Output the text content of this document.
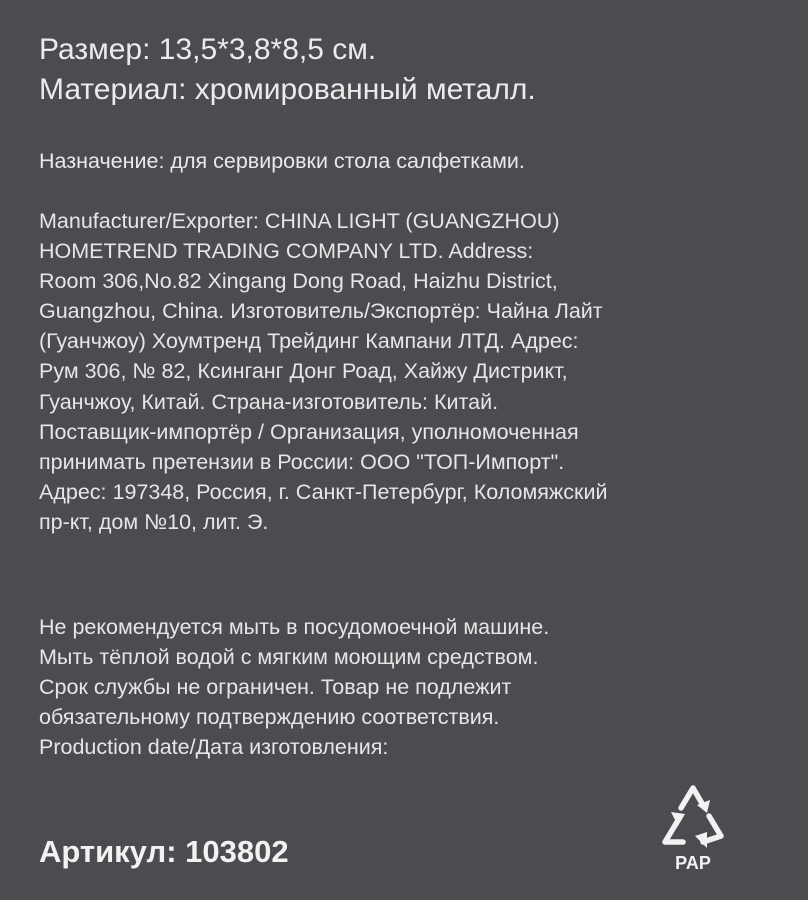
Размер: 13,5*3,8*8,5 см.
Материал: хромированный металл.
Назначение: для сервировки стола салфетками.
Manufacturer/Exporter: CHINA LIGHT (GUANGZHOU)
HOMETREND TRADING COMPANY LTD. Address:
Room 306,No.82 Xingang Dong Road, Haizhu District,
Guangzhou, China. Изготовитель/Экспортёр: Чайна Лайт
(Гуанчжоу) Хоумтренд Трейдинг Кампани ЛТД. Адрес:
Рум 306, № 82, Ксинганг Донг Роад, Хайжу Дистрикт,
Гуанчжоу, Китай. Страна-изготовитель: Китай.
Поставщик-импортёр / Организация, уполномоченная
принимать претензии в России: ООО "ТОП-Импорт".
Адрес: 197348, Россия, г. Санкт-Петербург, Коломяжский
пр-кт, дом №10, лит. Э.
Не рекомендуется мыть в посудомоечной машине.
Мыть тёплой водой с мягким моющим средством.
Срок службы не ограничен. Товар не подлежит
обязательному подтверждению соответствия.
Production date/Дата изготовления:
Артикул: 103802	PAP
